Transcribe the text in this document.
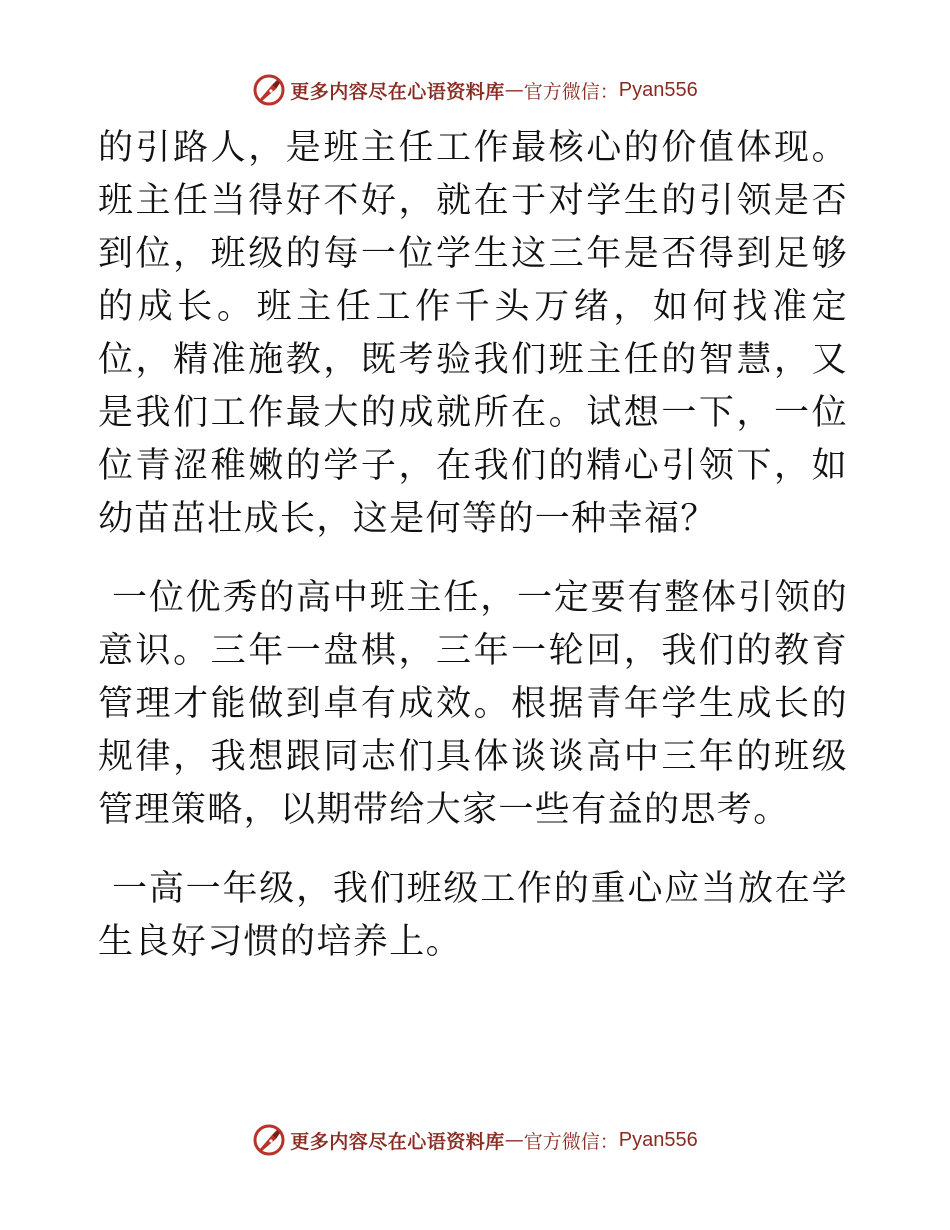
更多内容尽在心语资料库 — 官方微信： Pyan556

的引路人，是班主任工作最核心的价值体现。班主任当得好不好，就在于对学生的引领是否到位，班级的每一位学生这三年是否得到足够的成长。班主任工作千头万绪，如何找准定位，精准施教，既考验我们班主任的智慧，又是我们工作最大的成就所在。试想一下，一位位青涩稚嫩的学子，在我们的精心引领下，如幼苗茁壮成长，这是何等的一种幸福？

一位优秀的高中班主任，一定要有整体引领的意识。三年一盘棋，三年一轮回，我们的教育管理才能做到卓有成效。根据青年学生成长的规律，我想跟同志们具体谈谈高中三年的班级管理策略，以期带给大家一些有益的思考。

一高一年级，我们班级工作的重心应当放在学生良好习惯的培养上。

更多内容尽在心语资料库 — 官方微信： Pyan556
